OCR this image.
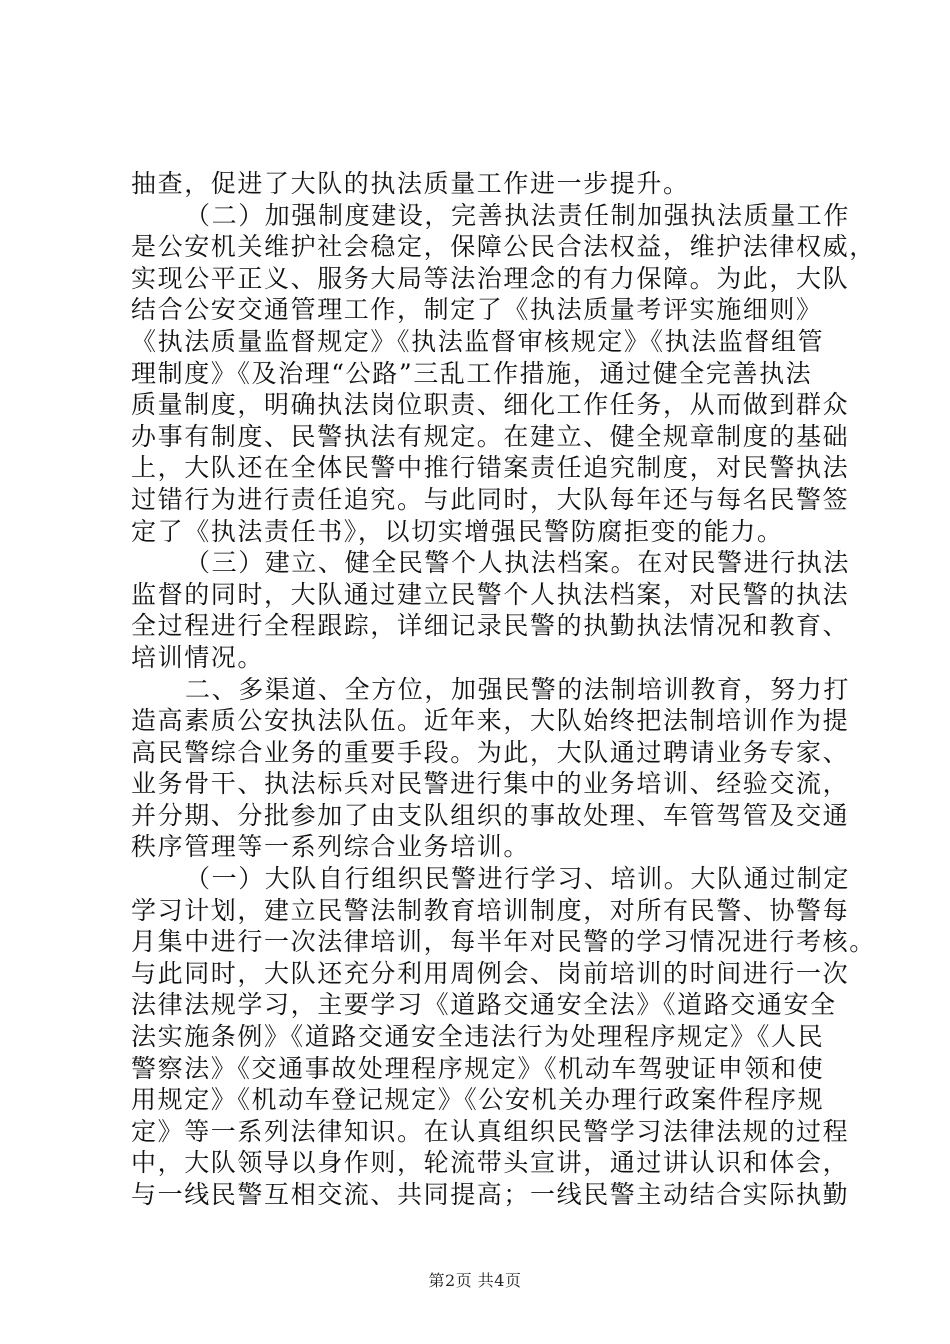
抽查，促进了大队的执法质量工作进一步提升。
（二）加强制度建设，完善执法责任制加强执法质量工作
是公安机关维护社会稳定，保障公民合法权益，维护法律权威，
实现公平正义、服务大局等法治理念的有力保障。为此，大队
结合公安交通管理工作，制定了《执法质量考评实施细则》
《执法质量监督规定》《执法监督审核规定》《执法监督组管
理制度》《及治理“公路”三乱工作措施，通过健全完善执法
质量制度，明确执法岗位职责、细化工作任务，从而做到群众
办事有制度、民警执法有规定。在建立、健全规章制度的基础
上，大队还在全体民警中推行错案责任追究制度，对民警执法
过错行为进行责任追究。与此同时，大队每年还与每名民警签
定了《执法责任书》，以切实增强民警防腐拒变的能力。
（三）建立、健全民警个人执法档案。在对民警进行执法
监督的同时，大队通过建立民警个人执法档案，对民警的执法
全过程进行全程跟踪，详细记录民警的执勤执法情况和教育、
培训情况。
二、多渠道、全方位，加强民警的法制培训教育，努力打
造高素质公安执法队伍。近年来，大队始终把法制培训作为提
高民警综合业务的重要手段。为此，大队通过聘请业务专家、
业务骨干、执法标兵对民警进行集中的业务培训、经验交流，
并分期、分批参加了由支队组织的事故处理、车管驾管及交通
秩序管理等一系列综合业务培训。
（一）大队自行组织民警进行学习、培训。大队通过制定
学习计划，建立民警法制教育培训制度，对所有民警、协警每
月集中进行一次法律培训，每半年对民警的学习情况进行考核。
与此同时，大队还充分利用周例会、岗前培训的时间进行一次
法律法规学习，主要学习《道路交通安全法》《道路交通安全
法实施条例》《道路交通安全违法行为处理程序规定》《人民
警察法》《交通事故处理程序规定》《机动车驾驶证申领和使
用规定》《机动车登记规定》《公安机关办理行政案件程序规
定》等一系列法律知识。在认真组织民警学习法律法规的过程
中，大队领导以身作则，轮流带头宣讲，通过讲认识和体会，
与一线民警互相交流、共同提高；一线民警主动结合实际执勤
第2页 共4页
